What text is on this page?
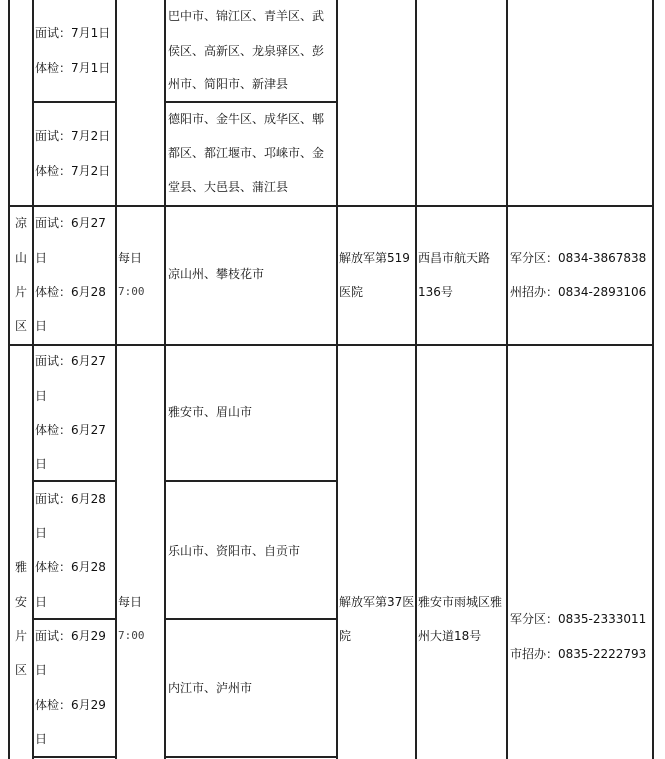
面试：7月1日
体检：7月1日
巴中市、锦江区、青羊区、武
侯区、高新区、龙泉驿区、彭
州市、简阳市、新津县
面试：7月2日
体检：7月2日
德阳市、金牛区、成华区、郫
都区、都江堰市、邛崃市、金
堂县、大邑县、蒲江县
凉
山
片
区
面试：6月27
日
体检：6月28
日
每日
7:00
凉山州、攀枝花市
解放军第519
医院
西昌市航天路
136号
军分区：0834-3867838
州招办：0834-2893106
雅
安
片
区
面试：6月27
日
体检：6月27
日
雅安市、眉山市
面试：6月28
日
体检：6月28
日
乐山市、资阳市、自贡市
面试：6月29
日
体检：6月29
日
内江市、泸州市
每日
7:00
解放军第37医
院
雅安市雨城区雅
州大道18号
军分区：0835-2333011
市招办：0835-2222793
